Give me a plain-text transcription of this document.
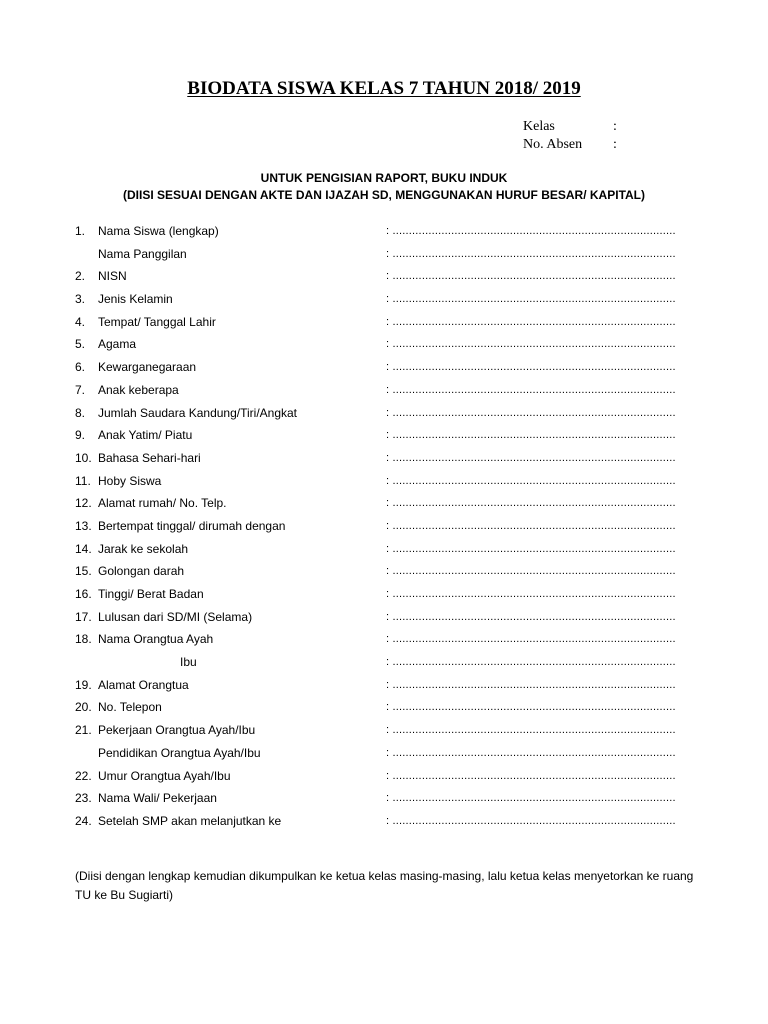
BIODATA SISWA KELAS 7 TAHUN 2018/ 2019
Kelas	:
No. Absen	:
UNTUK PENGISIAN RAPORT, BUKU INDUK
(DIISI SESUAI DENGAN AKTE DAN IJAZAH SD, MENGGUNAKAN HURUF BESAR/ KAPITAL)
1. Nama Siswa (lengkap)	: .......................................................................................
Nama Panggilan	: .......................................................................................
2. NISN	: .......................................................................................
3. Jenis Kelamin	: .......................................................................................
4. Tempat/ Tanggal Lahir	: .......................................................................................
5. Agama	: .......................................................................................
6. Kewarganegaraan	: .......................................................................................
7. Anak keberapa	: .......................................................................................
8. Jumlah Saudara Kandung/Tiri/Angkat	: .......................................................................................
9. Anak Yatim/ Piatu	: .......................................................................................
10. Bahasa Sehari-hari	: .......................................................................................
11. Hoby Siswa	: .......................................................................................
12. Alamat rumah/ No. Telp.	: .......................................................................................
13. Bertempat tinggal/ dirumah dengan	: .......................................................................................
14. Jarak ke sekolah	: .......................................................................................
15. Golongan darah	: .......................................................................................
16. Tinggi/ Berat Badan	: .......................................................................................
17. Lulusan dari SD/MI (Selama)	: .......................................................................................
18. Nama Orangtua Ayah	: .......................................................................................
Ibu	: .......................................................................................
19. Alamat Orangtua	: .......................................................................................
20. No. Telepon	: .......................................................................................
21. Pekerjaan Orangtua Ayah/Ibu	: .......................................................................................
Pendidikan Orangtua Ayah/Ibu	: .......................................................................................
22. Umur Orangtua Ayah/Ibu	: .......................................................................................
23. Nama Wali/ Pekerjaan	: .......................................................................................
24. Setelah SMP akan melanjutkan ke	: .......................................................................................
(Diisi dengan lengkap kemudian dikumpulkan ke ketua kelas masing-masing, lalu ketua kelas menyetorkan ke ruang TU ke Bu Sugiarti)
